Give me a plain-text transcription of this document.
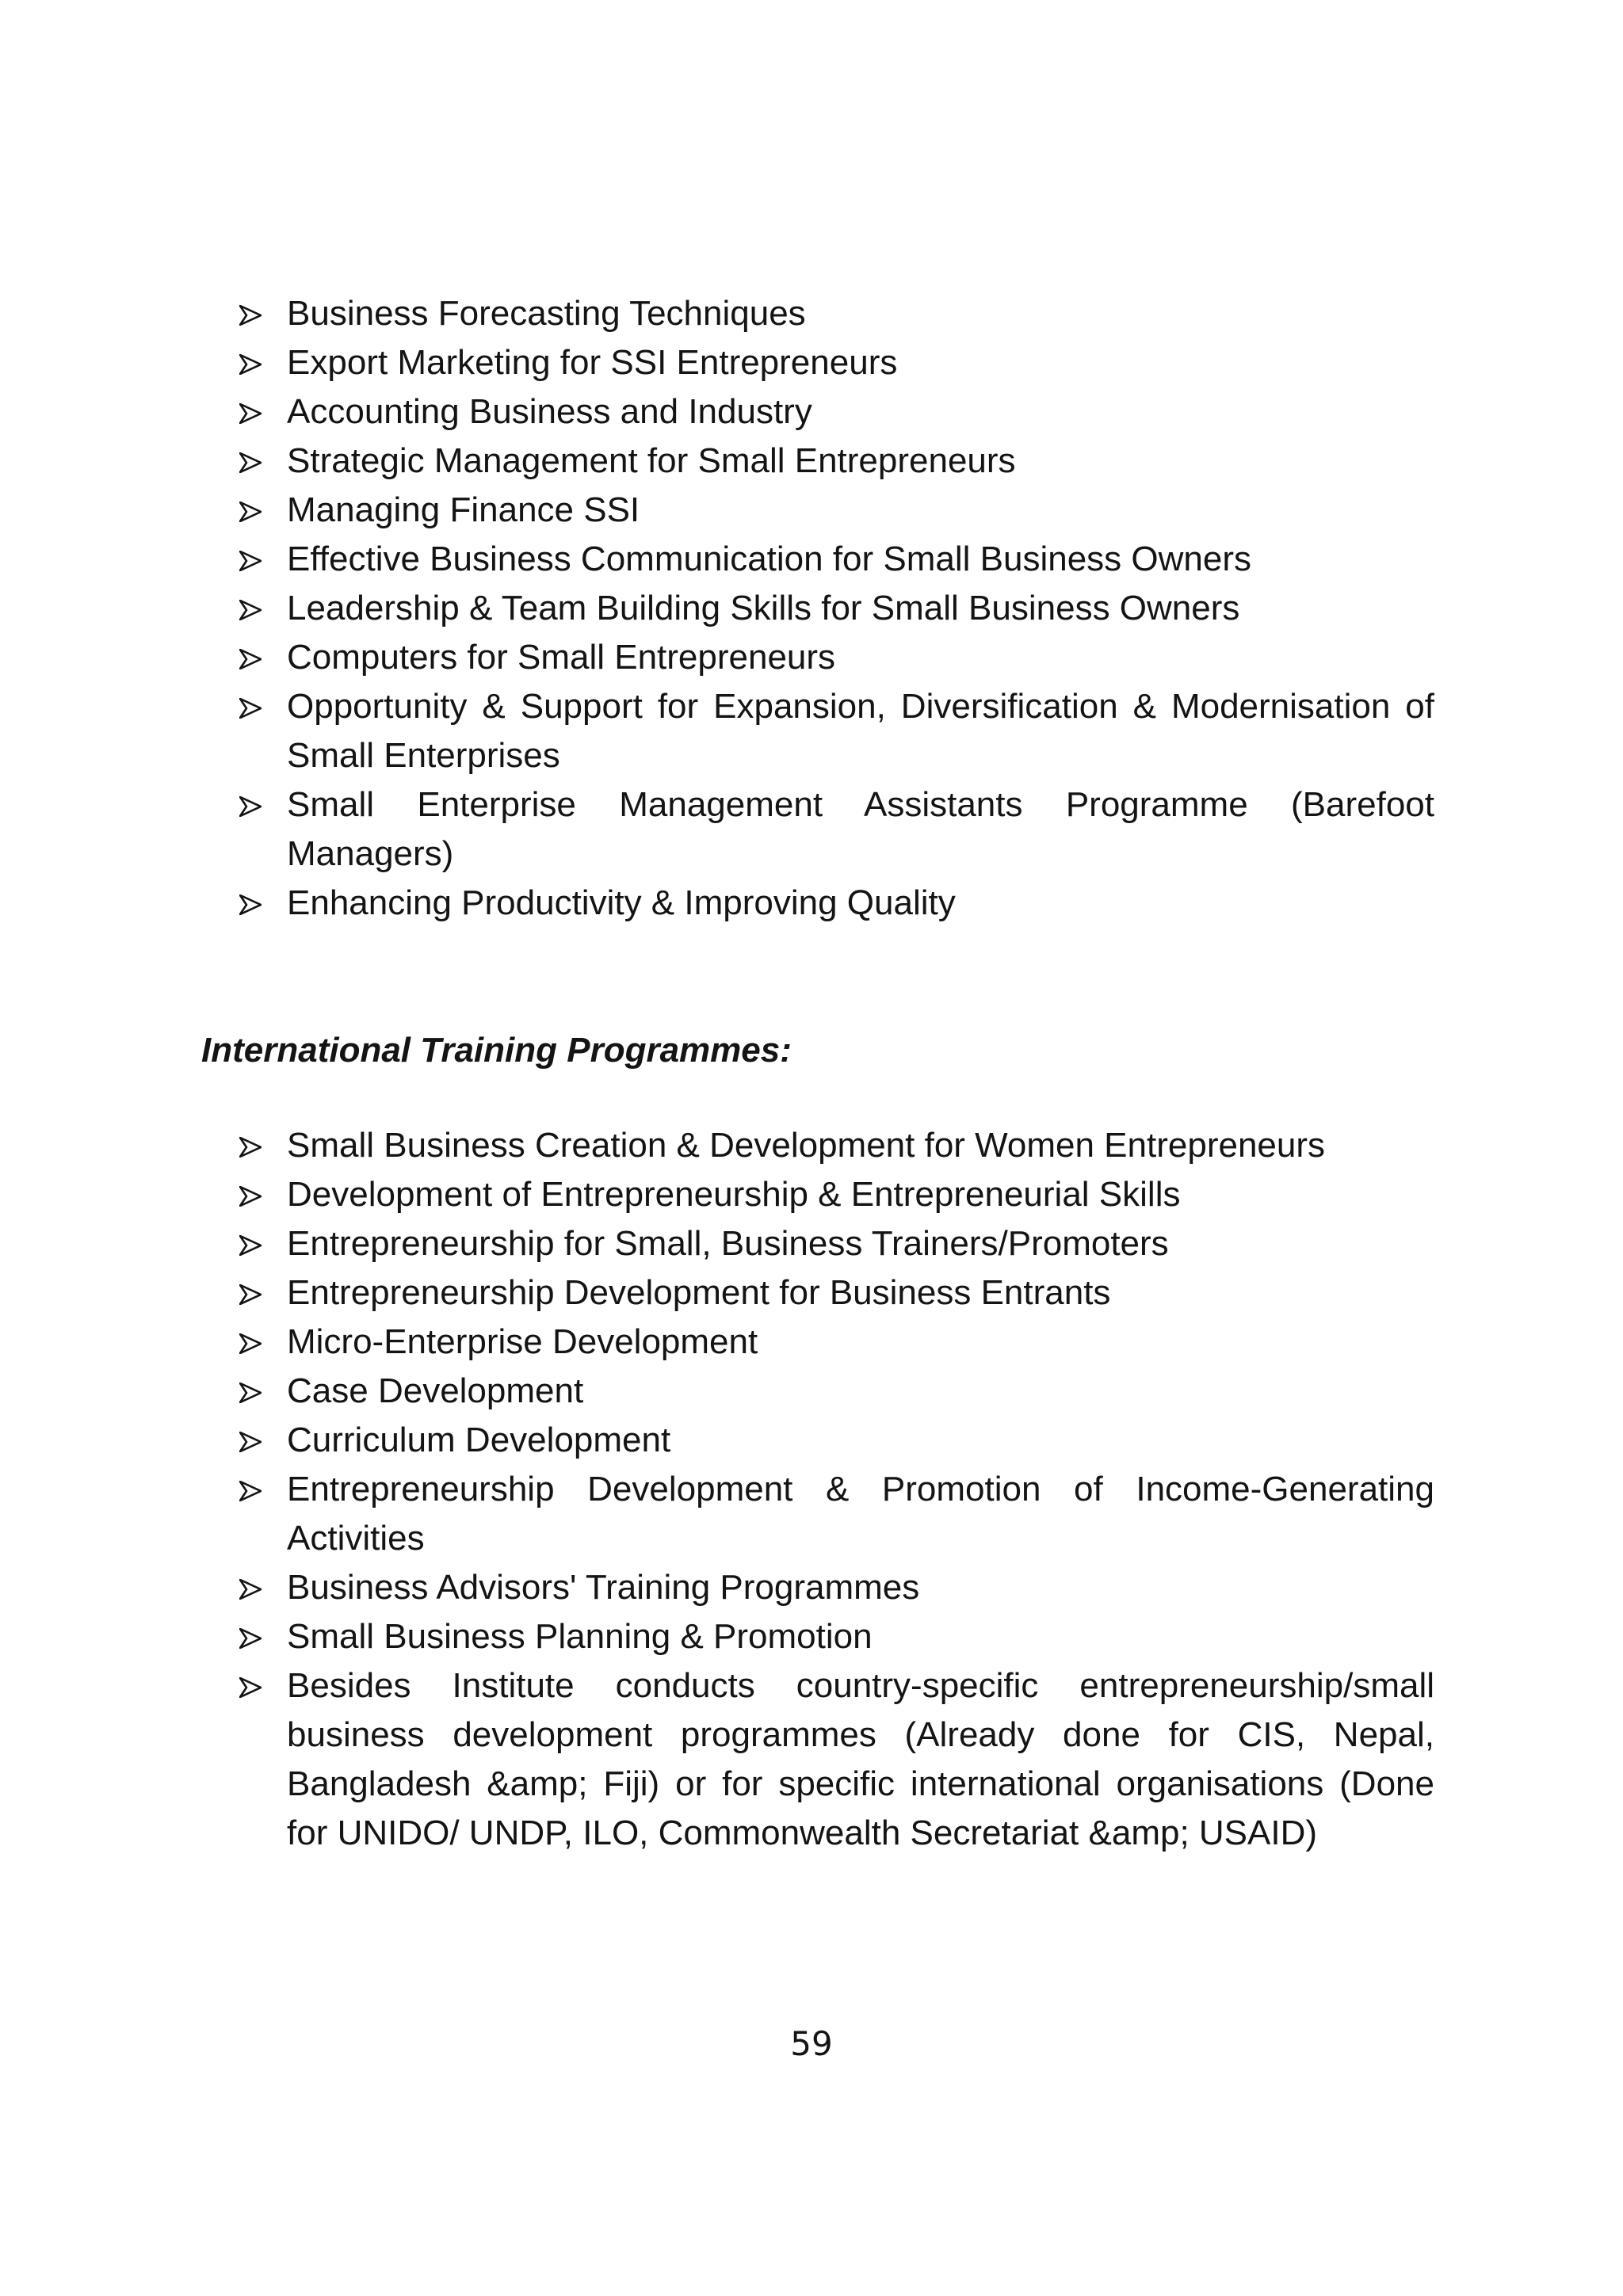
Business Forecasting Techniques
Export Marketing for SSI Entrepreneurs
Accounting Business and Industry
Strategic Management for Small Entrepreneurs
Managing Finance SSI
Effective Business Communication for Small Business Owners
Leadership & Team Building Skills for Small Business Owners
Computers for Small Entrepreneurs
Opportunity & Support for Expansion, Diversification & Modernisation of Small Enterprises
Small Enterprise Management Assistants Programme (Barefoot Managers)
Enhancing Productivity & Improving Quality
International Training Programmes:
Small Business Creation & Development for Women Entrepreneurs
Development of Entrepreneurship & Entrepreneurial Skills
Entrepreneurship for Small, Business Trainers/Promoters
Entrepreneurship Development for Business Entrants
Micro-Enterprise Development
Case Development
Curriculum Development
Entrepreneurship Development & Promotion of Income-Generating Activities
Business Advisors' Training Programmes
Small Business Planning & Promotion
Besides Institute conducts country-specific entrepreneurship/small business development programmes (Already done for CIS, Nepal, Bangladesh &amp; Fiji) or for specific international organisations (Done for UNIDO/ UNDP, ILO, Commonwealth Secretariat &amp; USAID)
59
